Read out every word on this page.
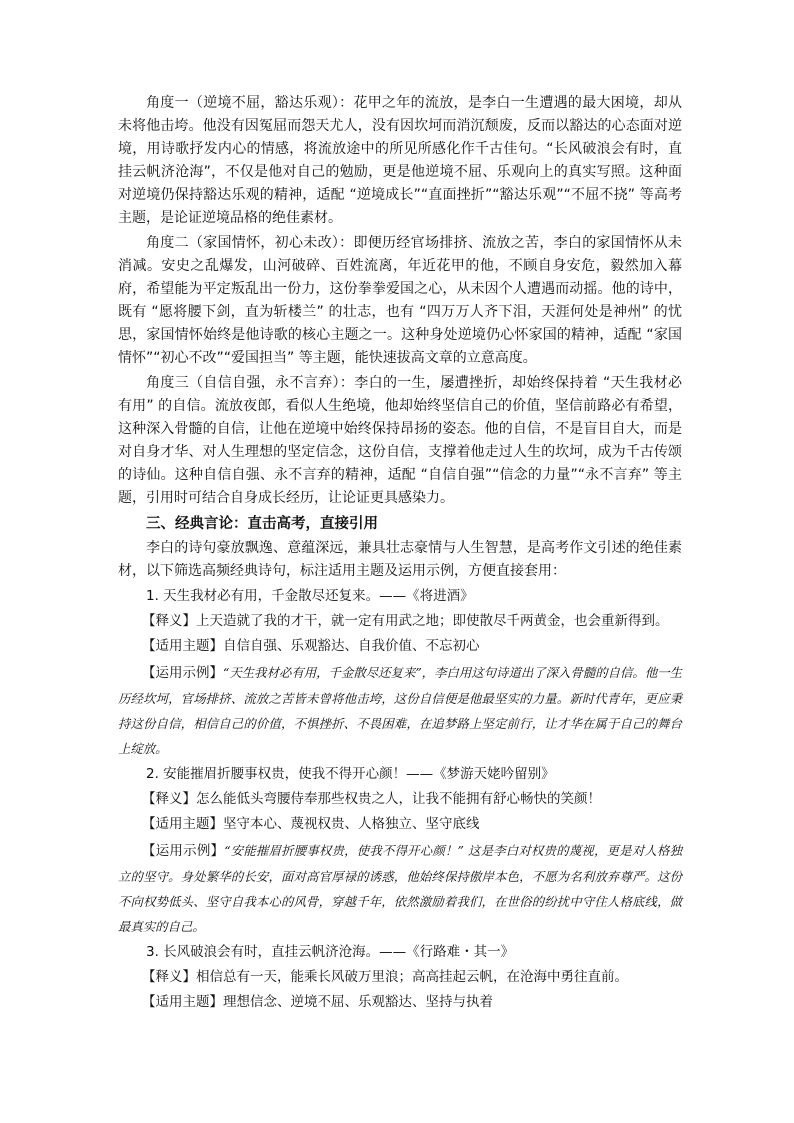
角度一（逆境不屈，豁达乐观）：花甲之年的流放，是李白一生遭遇的最大困境，却从未将他击垮。他没有因冤屈而怨天尤人，没有因坎坷而消沉颓废，反而以豁达的心态面对逆境，用诗歌抒发内心的情感，将流放途中的所见所感化作千古佳句。“长风破浪会有时，直挂云帆济沧海”，不仅是他对自己的勉励，更是他逆境不屈、乐观向上的真实写照。这种面对逆境仍保持豁达乐观的精神，适配 “逆境成长”“直面挫折”“豁达乐观”“不屈不挠” 等高考主题，是论证逆境品格的绝佳素材。

角度二（家国情怀，初心未改）：即便历经官场排挤、流放之苦，李白的家国情怀从未消减。安史之乱爆发，山河破碎、百姓流离，年近花甲的他，不顾自身安危，毅然加入幕府，希望能为平定叛乱出一份力，这份拳拳爱国之心，从未因个人遭遇而动摇。他的诗中，既有 “愿将腰下剑，直为斩楼兰” 的壮志，也有 “四万万人齐下泪，天涯何处是神州” 的忧思，家国情怀始终是他诗歌的核心主题之一。这种身处逆境仍心怀家国的精神，适配 “家国情怀”“初心不改”“爱国担当” 等主题，能快速拔高文章的立意高度。

角度三（自信自强，永不言弃）：李白的一生，屡遭挫折，却始终保持着 “天生我材必有用” 的自信。流放夜郎，看似人生绝境，他却始终坚信自己的价值，坚信前路必有希望，这种深入骨髓的自信，让他在逆境中始终保持昂扬的姿态。他的自信，不是盲目自大，而是对自身才华、对人生理想的坚定信念，这份自信，支撑着他走过人生的坎坷，成为千古传颂的诗仙。这种自信自强、永不言弃的精神，适配 “自信自强”“信念的力量”“永不言弃” 等主题，引用时可结合自身成长经历，让论证更具感染力。

三、经典言论：直击高考，直接引用

李白的诗句豪放飘逸、意蕴深远，兼具壮志豪情与人生智慧，是高考作文引述的绝佳素材，以下筛选高频经典诗句，标注适用主题及运用示例，方便直接套用：

1. 天生我材必有用，千金散尽还复来。——《将进酒》
【释义】上天造就了我的才干，就一定有用武之地；即使散尽千两黄金，也会重新得到。
【适用主题】自信自强、乐观豁达、自我价值、不忘初心
【运用示例】“天生我材必有用，千金散尽还复来”，李白用这句诗道出了深入骨髓的自信。他一生历经坎坷，官场排挤、流放之苦皆未曾将他击垮，这份自信便是他最坚实的力量。新时代青年，更应秉持这份自信，相信自己的价值，不惧挫折、不畏困难，在追梦路上坚定前行，让才华在属于自己的舞台上绽放。
2. 安能摧眉折腰事权贵，使我不得开心颜！——《梦游天姥吟留别》
【释义】怎么能低头弯腰侍奉那些权贵之人，让我不能拥有舒心畅快的笑颜！
【适用主题】坚守本心、蔑视权贵、人格独立、坚守底线
【运用示例】“安能摧眉折腰事权贵，使我不得开心颜！” 这是李白对权贵的蔑视，更是对人格独立的坚守。身处繁华的长安，面对高官厚禄的诱惑，他始终保持傲岸本色，不愿为名利放弃尊严。这份不向权势低头、坚守自我本心的风骨，穿越千年，依然激励着我们，在世俗的纷扰中守住人格底线，做最真实的自己。
3. 长风破浪会有时，直挂云帆济沧海。——《行路难・其一》
【释义】相信总有一天，能乘长风破万里浪；高高挂起云帆，在沧海中勇往直前。
【适用主题】理想信念、逆境不屈、乐观豁达、坚持与执着
